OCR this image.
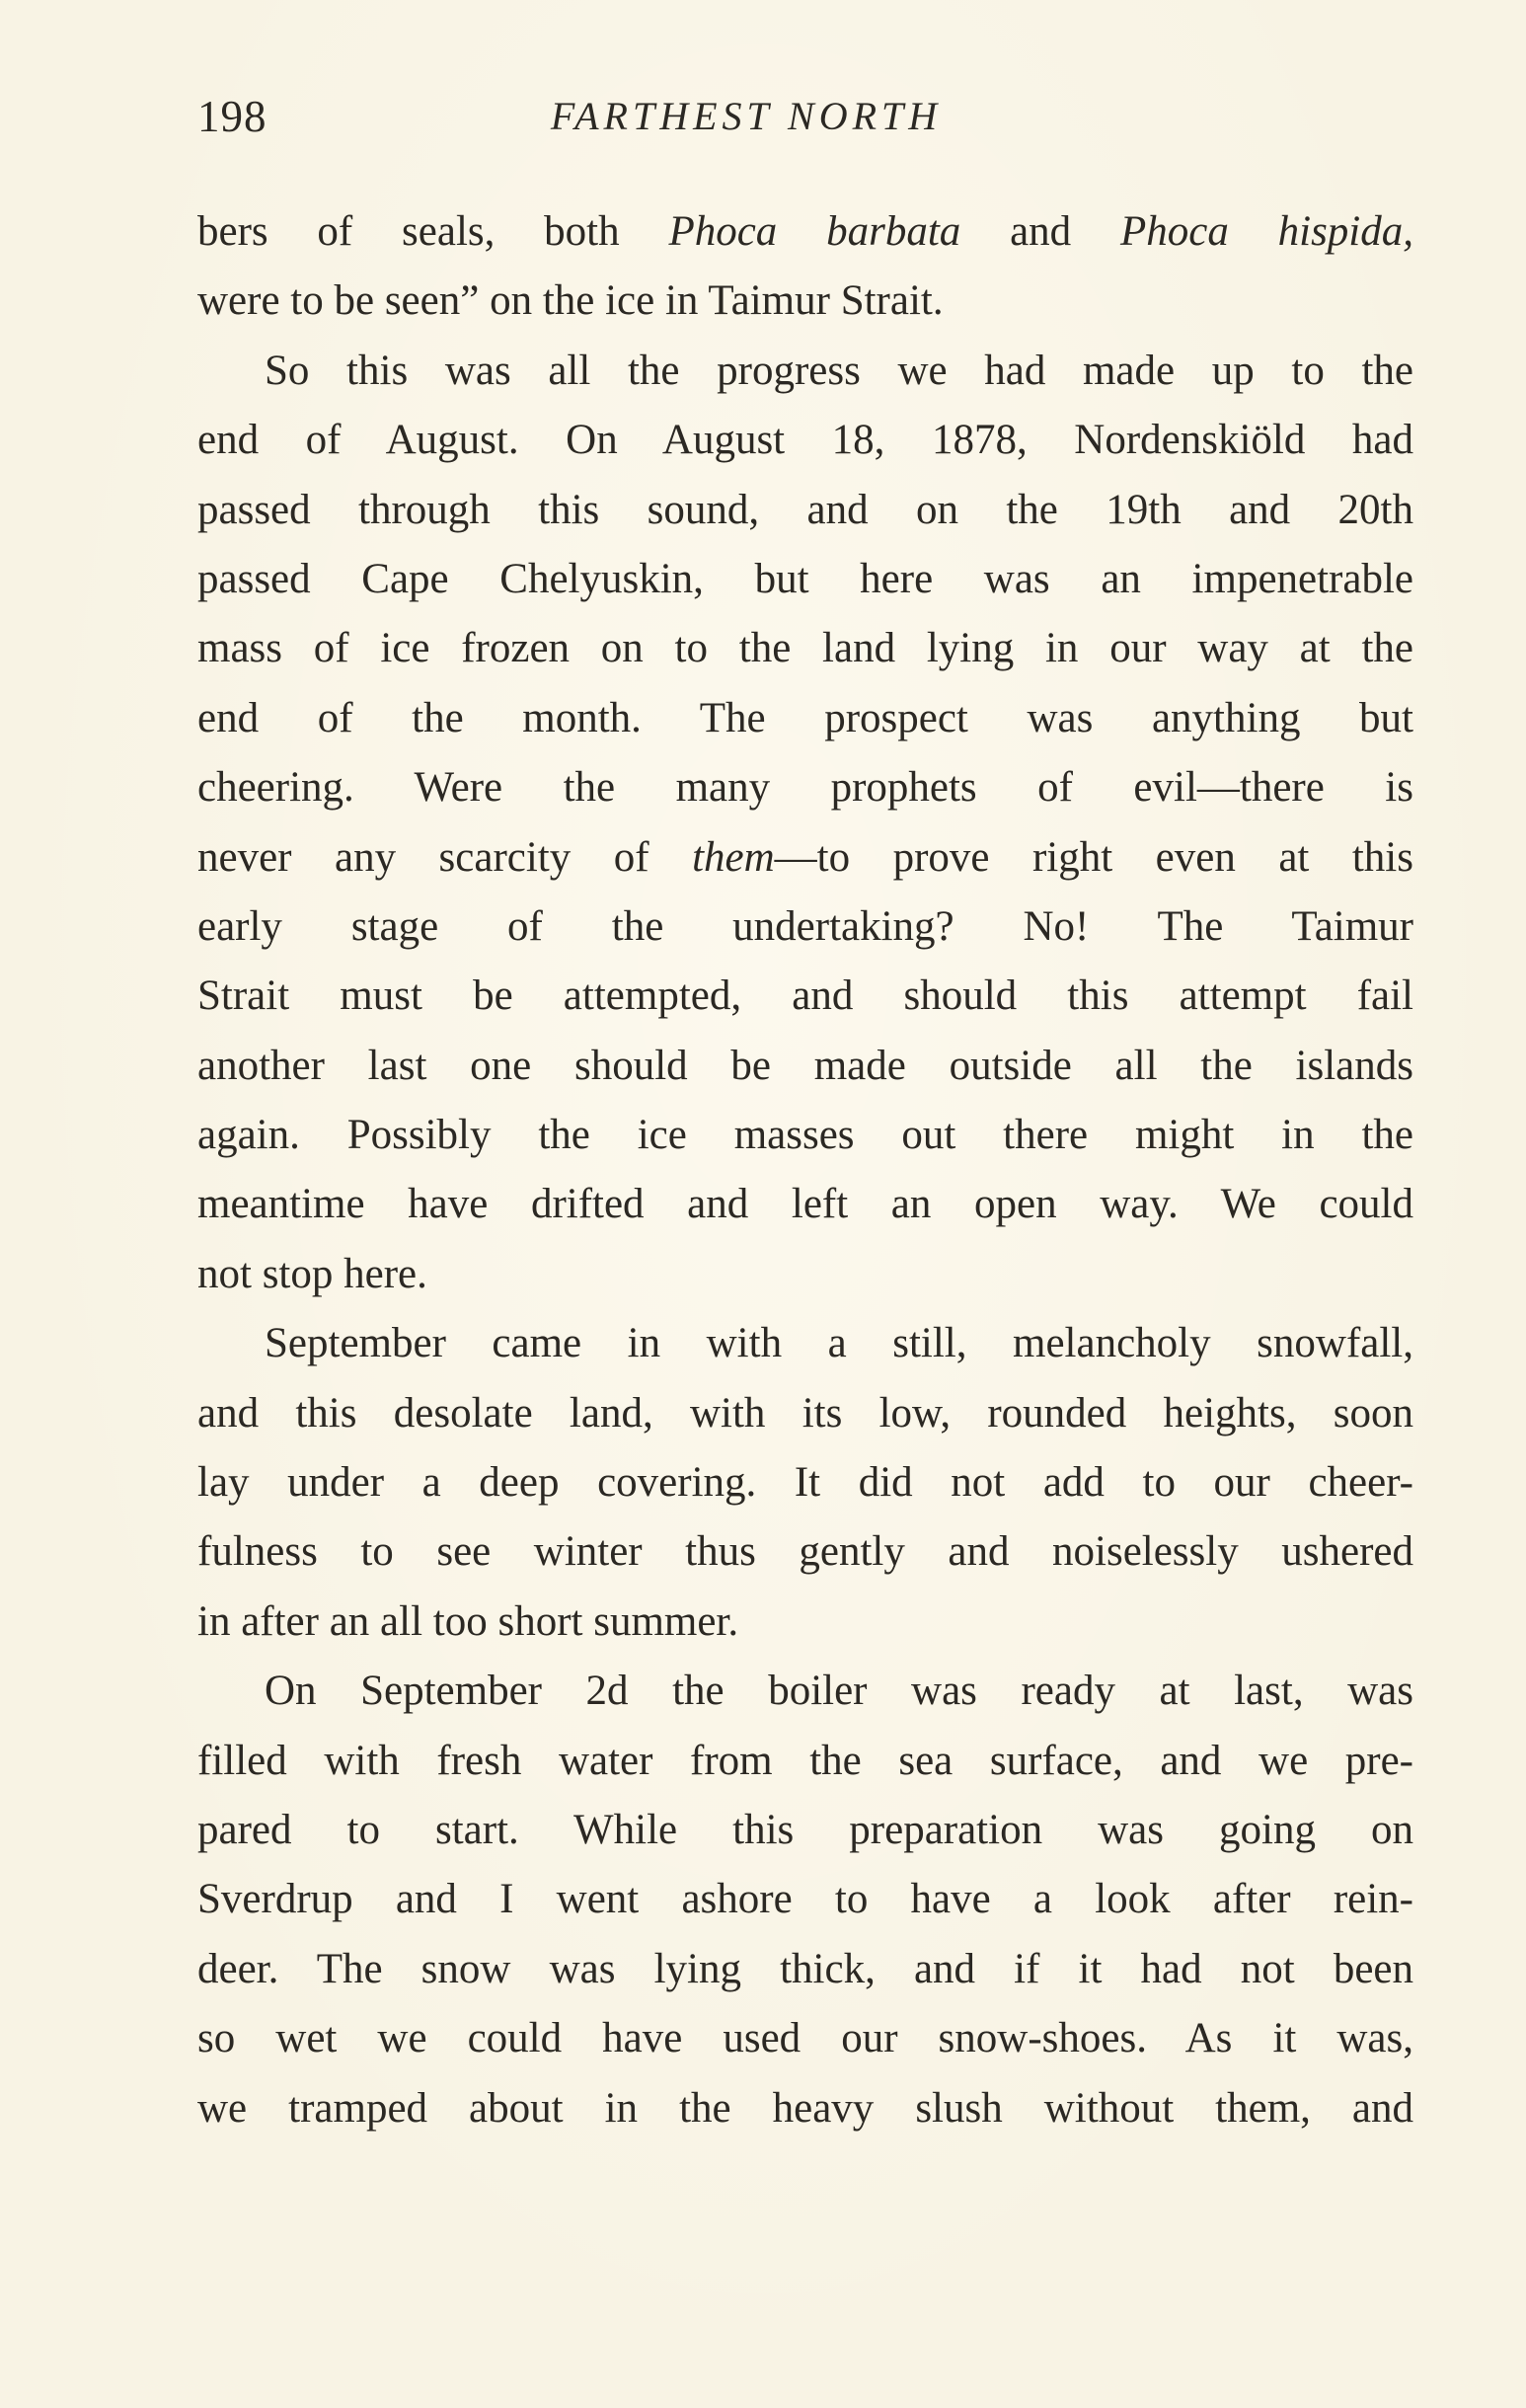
198	FARTHEST NORTH
bers of seals, both Phoca barbata and Phoca hispida,
were to be seen” on the ice in Taimur Strait.
So this was all the progress we had made up to the
end of August. On August 18, 1878, Nordenskiöld had
passed through this sound, and on the 19th and 20th
passed Cape Chelyuskin, but here was an impenetrable
mass of ice frozen on to the land lying in our way at the
end of the month. The prospect was anything but
cheering. Were the many prophets of evil—there is
never any scarcity of them—to prove right even at this
early stage of the undertaking? No! The Taimur
Strait must be attempted, and should this attempt fail
another last one should be made outside all the islands
again. Possibly the ice masses out there might in the
meantime have drifted and left an open way. We could
not stop here.
September came in with a still, melancholy snowfall,
and this desolate land, with its low, rounded heights, soon
lay under a deep covering. It did not add to our cheer-
fulness to see winter thus gently and noiselessly ushered
in after an all too short summer.
On September 2d the boiler was ready at last, was
filled with fresh water from the sea surface, and we pre-
pared to start. While this preparation was going on
Sverdrup and I went ashore to have a look after rein-
deer. The snow was lying thick, and if it had not been
so wet we could have used our snow-shoes. As it was,
we tramped about in the heavy slush without them, and
